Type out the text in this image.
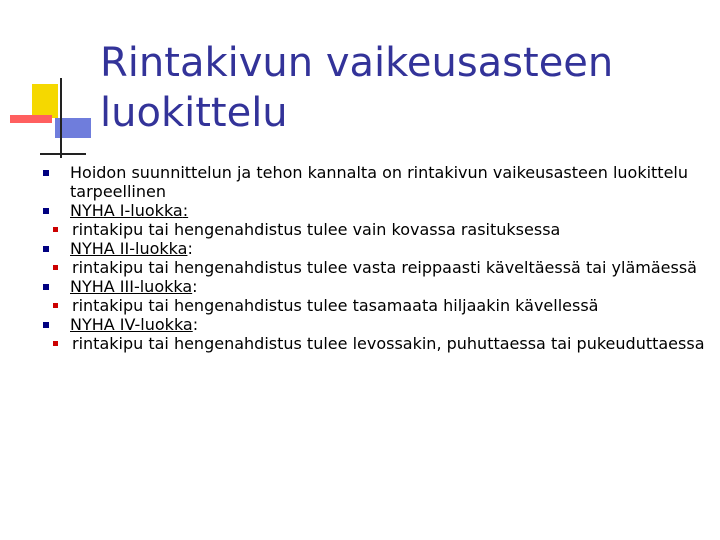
Rintakivun vaikeusasteen
luokittelu
Hoidon suunnittelun ja tehon kannalta on rintakivun vaikeusasteen luokittelu tarpeellinen
NYHA I-luokka:
rintakipu tai hengenahdistus tulee vain kovassa rasituksessa
NYHA II-luokka:
rintakipu tai hengenahdistus tulee vasta reippaasti käveltäessä tai ylämäessä
NYHA III-luokka:
rintakipu tai hengenahdistus tulee tasamaata hiljaakin kävellessä
NYHA IV-luokka:
rintakipu tai hengenahdistus tulee levossakin, puhuttaessa tai pukeuduttaessa
